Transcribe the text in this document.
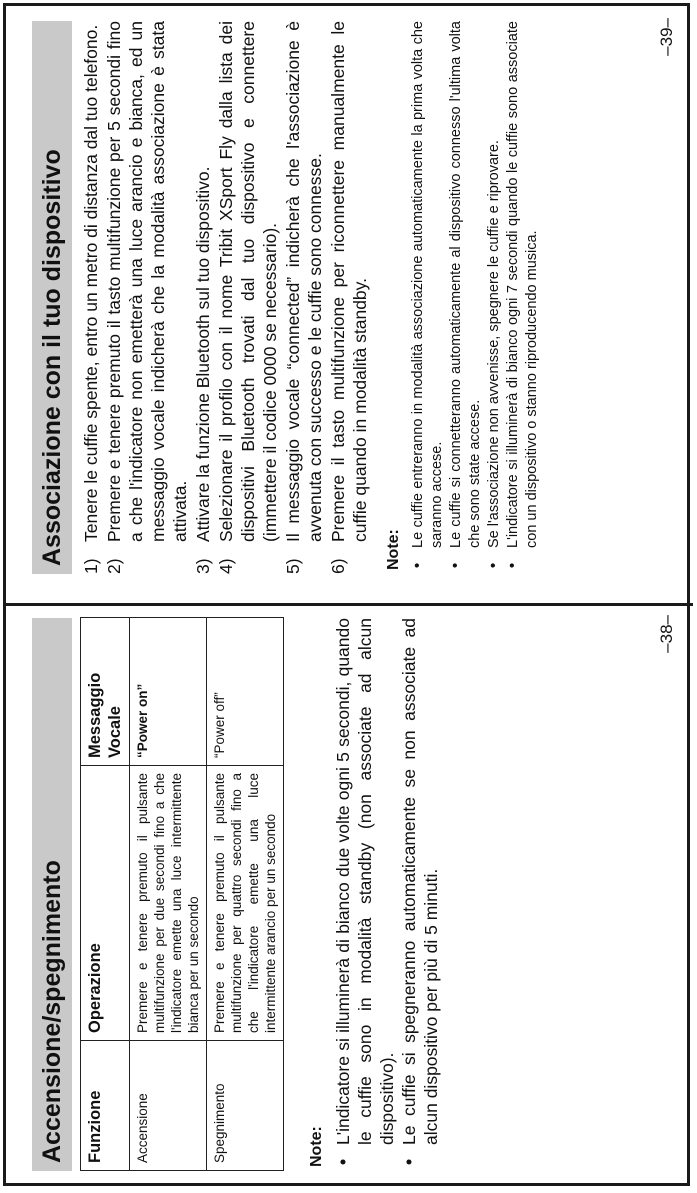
Associazione con il tuo dispositivo
1)
Tenere le cuffie spente, entro un metro di distanza dal tuo telefono.
2)
Premere e tenere premuto il tasto multifunzione per 5 secondi fino a che l'indicatore non emetterà una luce arancio e bianca, ed un messaggio vocale indicherà che la modalità associazione è stata attivata.
3)
Attivare la funzione Bluetooth sul tuo dispositivo.
4)
Selezionare il profilo con il nome Tribit XSport Fly dalla lista dei dispositivi Bluetooth trovati dal tuo dispositivo e connettere (immettere il codice 0000 se necessario).
5)
Il messaggio vocale “connected” indicherà che l'associazione è avvenuta con successo e le cuffie sono connesse.
6)
Premere il tasto multifunzione per riconnettere manualmente le cuffie quando in modalità standby.
Note: •
Le cuffie entreranno in modalità associazione automaticamente la prima volta che saranno accese.
•
Le cuffie si connetteranno automaticamente al dispositivo connesso l'ultima volta che sono state accese.
•
Se l'associazione non avvenisse, spegnere le cuffie e riprovare.
•
L'indicatore si illuminerà di bianco ogni 7 secondi quando le cuffie sono associate con un dispositivo o stanno riproducendo musica.
–39–
Accensione/spegnimento	Funzione	Operazione	Messaggio Vocale
Accensione	Premere e tenere premuto il pulsante multifunzione per due secondi fino a che l'indicatore emette una luce intermittente bianca per un secondo	“Power on”
Spegnimento	Premere e tenere premuto il pulsante multifunzione per quattro secondi fino a che l'indicatore emette una luce intermittente arancio per un secondo	“Power off”
Note: •
L'indicatore si illuminerà di bianco due volte ogni 5 secondi, quando le cuffie sono in modalità standby (non associate ad alcun dispositivo).
•
Le cuffie si spegneranno automaticamente se non associate ad alcun dispositivo per più di 5 minuti.
–38–
